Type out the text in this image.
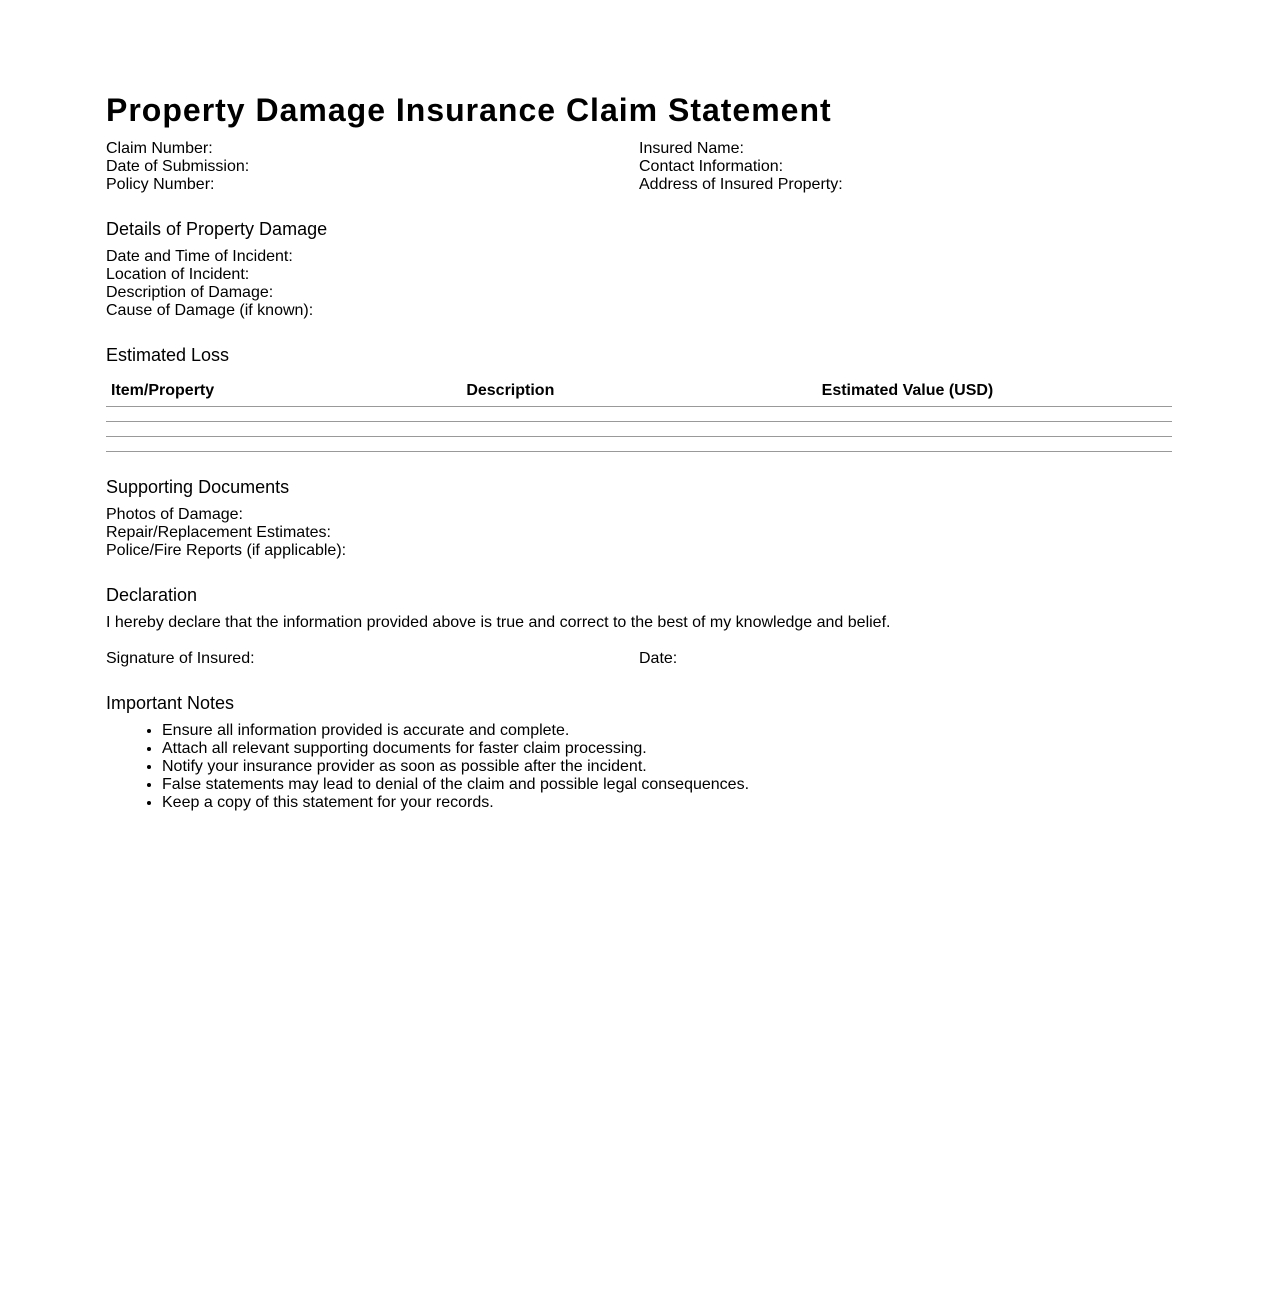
Property Damage Insurance Claim Statement
Claim Number:
Date of Submission:
Policy Number:
Insured Name:
Contact Information:
Address of Insured Property:
Details of Property Damage
Date and Time of Incident:
Location of Incident:
Description of Damage:
Cause of Damage (if known):
Estimated Loss
Item/Property	Description	Estimated Value (USD)

Supporting Documents
Photos of Damage:
Repair/Replacement Estimates:
Police/Fire Reports (if applicable):
Declaration
I hereby declare that the information provided above is true and correct to the best of my knowledge and belief.
Signature of Insured:	Date:
Important Notes
• Ensure all information provided is accurate and complete.
• Attach all relevant supporting documents for faster claim processing.
• Notify your insurance provider as soon as possible after the incident.
• False statements may lead to denial of the claim and possible legal consequences.
• Keep a copy of this statement for your records.
